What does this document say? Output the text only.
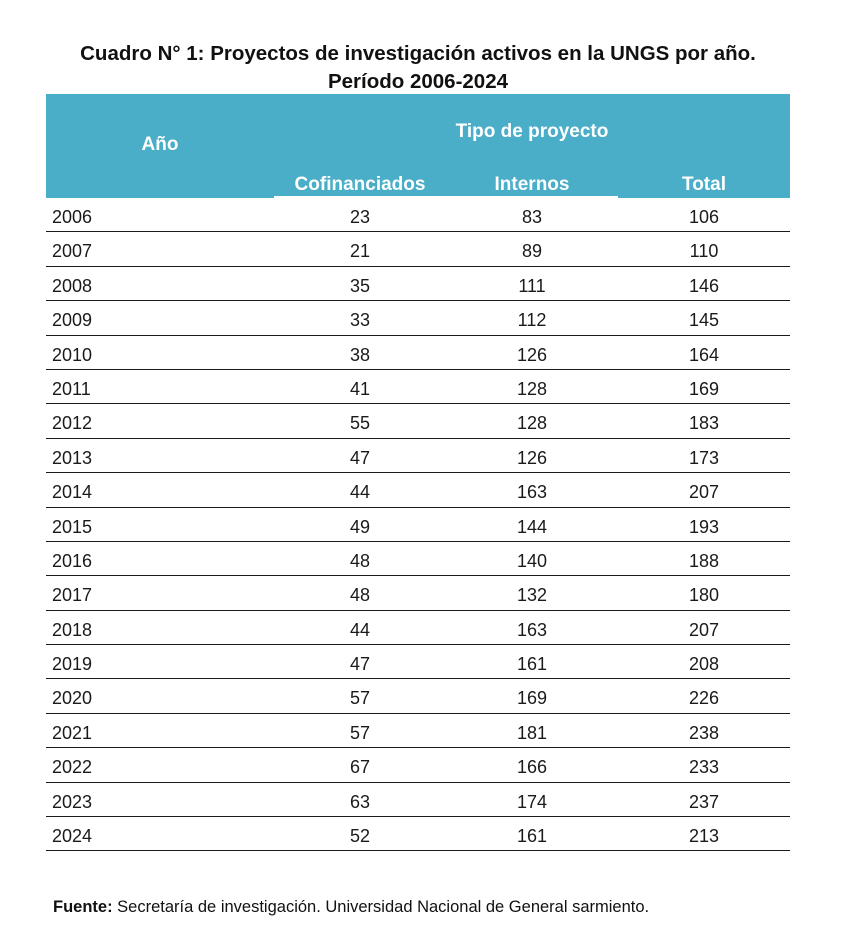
Cuadro N° 1: Proyectos de investigación activos en la UNGS por año.
Período 2006-2024
Año
Tipo de proyecto
Cofinanciados	Internos	Total
2006	23	83	106
2007	21	89	110
2008	35	111	146
2009	33	112	145
2010	38	126	164
2011	41	128	169
2012	55	128	183
2013	47	126	173
2014	44	163	207
2015	49	144	193
2016	48	140	188
2017	48	132	180
2018	44	163	207
2019	47	161	208
2020	57	169	226
2021	57	181	238
2022	67	166	233
2023	63	174	237
2024	52	161	213
Fuente: Secretaría de investigación. Universidad Nacional de General sarmiento.
